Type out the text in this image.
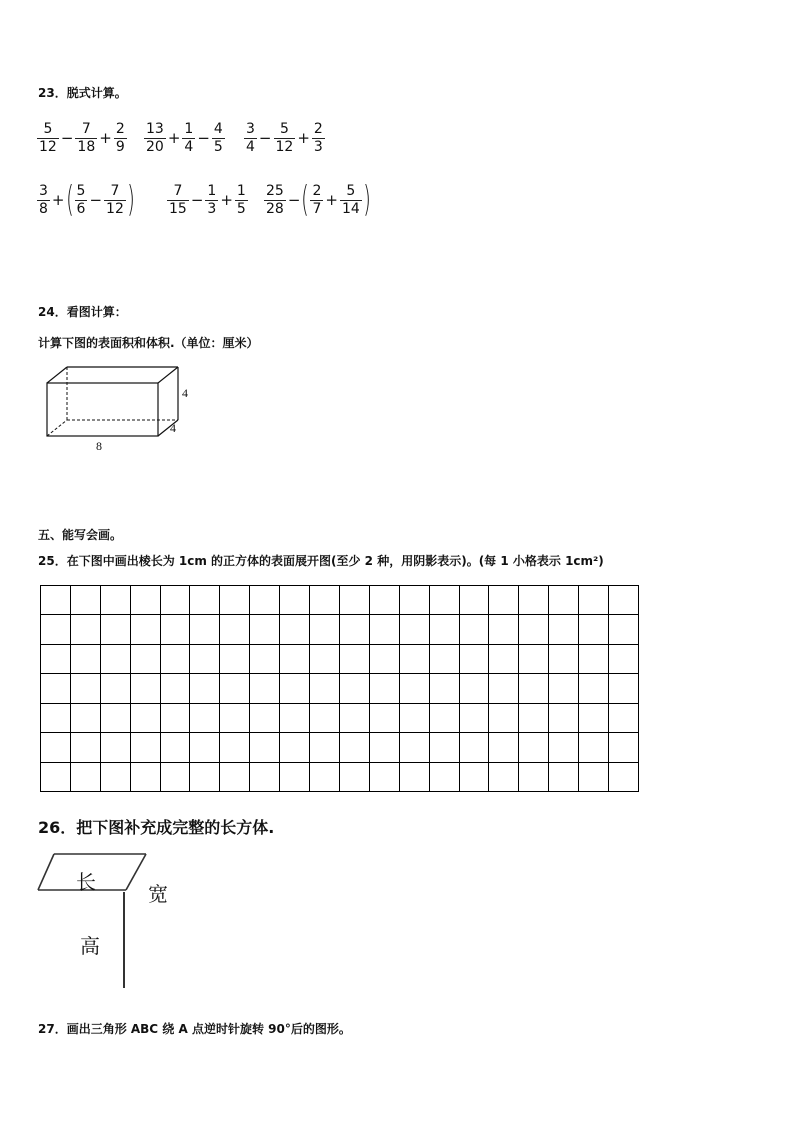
23．脱式计算。
$\frac{5}{12} - \frac{7}{18} + \frac{2}{9} \frac{13}{20} + \frac{1}{4} - \frac{4}{5} \frac{3}{4} - \frac{5}{12} + \frac{2}{3}$
$\frac{3}{8}$ + ( $\frac{5}{6} - \frac{7}{12}$ ) $\frac{7}{15} - \frac{1}{3} + \frac{1}{5} \frac{25}{28}$ − ( $\frac{2}{7} + \frac{5}{14}$ )
24．看图计算：
计算下图的表面积和体积.（单位：厘米）
4
4
8
五、能写会画。
25．在下图中画出棱长为 1cm 的正方体的表面展开图(至少 2 种，用阴影表示)。(每 1 小格表示 1cm²)
26．把下图补充成完整的长方体.
长	宽
高
27．画出三角形 ABC 绕 A 点逆时针旋转 90°后的图形。
